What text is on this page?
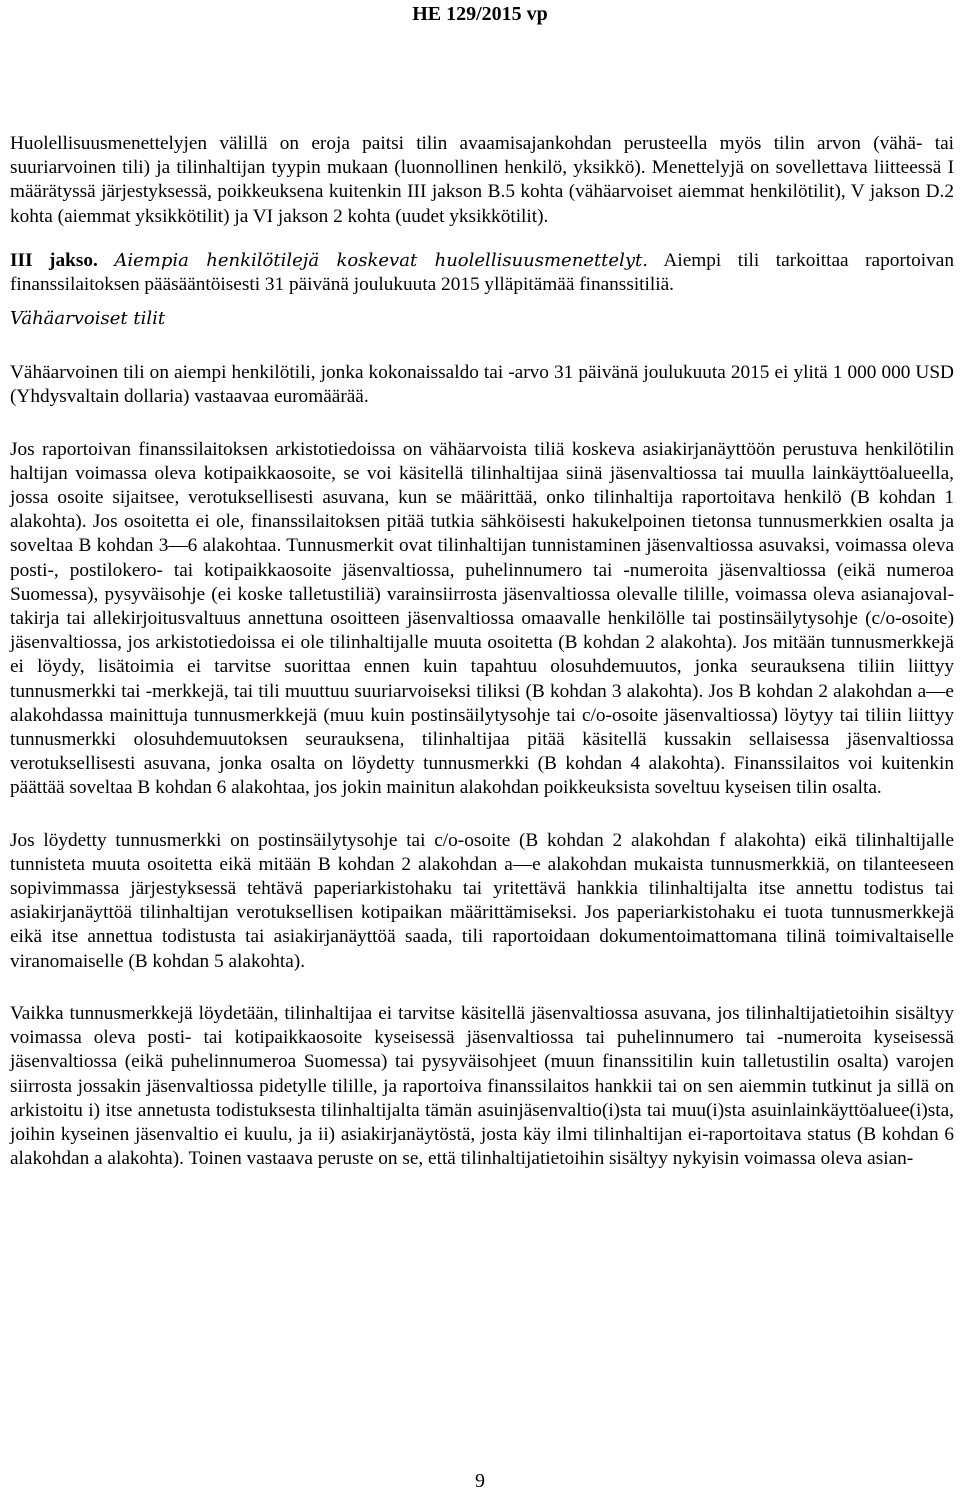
HE 129/2015 vp

Huolellisuusmenettelyjen välillä on eroja paitsi tilin avaamisajankohdan perusteella myös tilin arvon (vähä- tai suuriarvoinen tili) ja tilinhaltijan tyypin mukaan (luonnollinen henkilö, yksikkö). Menettelyjä on sovellettava liitteessä I määrätyssä järjestyksessä, poikkeuksena kuitenkin III jakson B.5 kohta (vähäarvoiset aiemmat henkilötilit), V jakson D.2 kohta (aiemmat yksikkötilit) ja VI jakson 2 kohta (uudet yksikkötilit).

III jakso. Aiempia henkilötilejä koskevat huolellisuusmenettelyt. Aiempi tili tarkoittaa raportoivan finanssilaitoksen pääsääntöisesti 31 päivänä joulukuuta 2015 ylläpitämää finanssitiliä.

Vähäarvoiset tilit

Vähäarvoinen tili on aiempi henkilötili, jonka kokonaissaldo tai -arvo 31 päivänä joulukuuta 2015 ei ylitä 1 000 000 USD (Yhdysvaltain dollaria) vastaavaa euromäärää.

Jos raportoivan finanssilaitoksen arkistotiedoissa on vähäarvoista tiliä koskeva asiakirjanäyttöön perustuva henkilötilin haltijan voimassa oleva kotipaikkaosoite, se voi käsitellä tilinhaltijaa siinä jäsenvaltiossa tai muulla lainkäyttöalueella, jossa osoite sijaitsee, verotuksellisesti asuvana, kun se määrittää, onko tilinhaltija raportoitava henkilö (B kohdan 1 alakohta). Jos osoitetta ei ole, finanssilaitoksen pitää tutkia sähköisesti hakukelpoinen tietonsa tunnusmerkkien osalta ja soveltaa B kohdan 3—6 alakohtaa. Tunnusmerkit ovat tilinhaltijan tunnistaminen jäsenvaltiossa asuvaksi, voimassa oleva posti-, postilokero- tai kotipaikkaosoite jäsenvaltiossa, puhelinnumero tai -numeroita jäsenvaltiossa (eikä numeroa Suomessa), pysyväisohje (ei koske talletustiliä) varainsiirrosta jäsenvaltiossa olevalle tilille, voimassa oleva asianajovaltakirja tai allekirjoitusvaltuus annettuna osoitteen jäsenvaltiossa omaavalle henkilölle tai postinsäilytysohje (c/o-osoite) jäsenvaltiossa, jos arkistotiedoissa ei ole tilinhaltijalle muuta osoitetta (B kohdan 2 alakohta). Jos mitään tunnusmerkkejä ei löydy, lisätoimia ei tarvitse suorittaa ennen kuin tapahtuu olosuhdemuutos, jonka seurauksena tiliin liittyy tunnusmerkki tai -merkkejä, tai tili muuttuu suuriarvoiseksi tiliksi (B kohdan 3 alakohta). Jos B kohdan 2 alakohdan a—e alakohdassa mainittuja tunnusmerkkejä (muu kuin postinsäilytysohje tai c/o-osoite jäsenvaltiossa) löytyy tai tiliin liittyy tunnusmerkki olosuhdemuutoksen seurauksena, tilinhaltijaa pitää käsitellä kussakin sellaisessa jäsenvaltiossa verotuksellisesti asuvana, jonka osalta on löydetty tunnusmerkki (B kohdan 4 alakohta). Finanssilaitos voi kuitenkin päättää soveltaa B kohdan 6 alakohtaa, jos jokin mainitun alakohdan poikkeuksista soveltuu kyseisen tilin osalta.

Jos löydetty tunnusmerkki on postinsäilytysohje tai c/o-osoite (B kohdan 2 alakohdan f alakohta) eikä tilinhaltijalle tunnisteta muuta osoitetta eikä mitään B kohdan 2 alakohdan a—e alakohdan mukaista tunnusmerkkiä, on tilanteeseen sopivimmassa järjestyksessä tehtävä paperiarkistohaku tai yritettävä hankkia tilinhaltijalta itse annettu todistus tai asiakirjanäyttöä tilinhaltijan verotuksellisen kotipaikan määrittämiseksi. Jos paperiarkistohaku ei tuota tunnusmerkkejä eikä itse annettua todistusta tai asiakirjanäyttöä saada, tili raportoidaan dokumentoimattomana tilinä toimivaltaiselle viranomaiselle (B kohdan 5 alakohta).

Vaikka tunnusmerkkejä löydetään, tilinhaltijaa ei tarvitse käsitellä jäsenvaltiossa asuvana, jos tilinhaltijatietoihin sisältyy voimassa oleva posti- tai kotipaikkaosoite kyseisessä jäsenvaltiossa tai puhelinnumero tai -numeroita kyseisessä jäsenvaltiossa (eikä puhelinnumeroa Suomessa) tai pysyväisohjeet (muun finanssitilin kuin talletustilin osalta) varojen siirrosta jossakin jäsenvaltiossa pidetylle tilille, ja raportoiva finanssilaitos hankkii tai on sen aiemmin tutkinut ja sillä on arkistoitu i) itse annetusta todistuksesta tilinhaltijalta tämän asuinjäsenvaltio(i)sta tai muu(i)sta asuinlainkäyttöaluee(i)sta, joihin kyseinen jäsenvaltio ei kuulu, ja ii) asiakirjanäytöstä, josta käy ilmi tilinhaltijan ei-raportoitava status (B kohdan 6 alakohdan a alakohta). Toinen vastaava peruste on se, että tilinhaltijatietoihin sisältyy nykyisin voimassa oleva asian-

9
